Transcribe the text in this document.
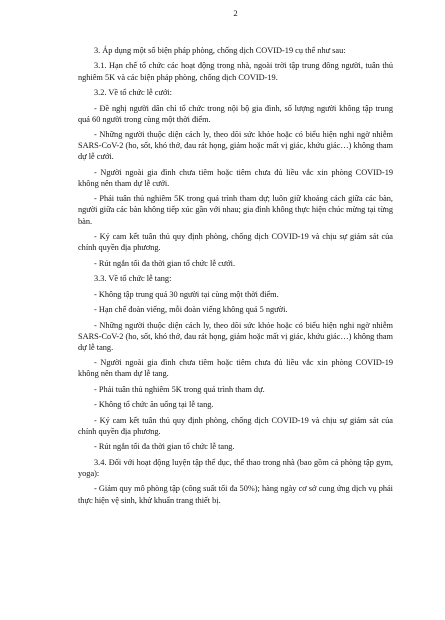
2

3. Áp dụng một số biện pháp phòng, chống dịch COVID-19 cụ thể như sau:

3.1. Hạn chế tổ chức các hoạt động trong nhà, ngoài trời tập trung đông người, tuân thủ nghiêm 5K và các biện pháp phòng, chống dịch COVID-19.

3.2. Về tổ chức lễ cưới:

- Đề nghị người dân chỉ tổ chức trong nội bộ gia đình, số lượng người không tập trung quá 60 người trong cùng một thời điểm.

- Những người thuộc diện cách ly, theo dõi sức khỏe hoặc có biểu hiện nghi ngờ nhiễm SARS-CoV-2 (ho, sốt, khó thở, đau rát họng, giảm hoặc mất vị giác, khứu giác…) không tham dự lễ cưới.

- Người ngoài gia đình chưa tiêm hoặc tiêm chưa đủ liều vắc xin phòng COVID-19 không nên tham dự lễ cưới.

- Phải tuân thủ nghiêm 5K trong quá trình tham dự; luôn giữ khoảng cách giữa các bàn, người giữa các bàn không tiếp xúc gần với nhau; gia đình không thực hiện chúc mừng tại từng bàn.

- Ký cam kết tuân thủ quy định phòng, chống dịch COVID-19 và chịu sự giám sát của chính quyền địa phương.

- Rút ngắn tối đa thời gian tổ chức lễ cưới.

3.3. Về tổ chức lễ tang:

- Không tập trung quá 30 người tại cùng một thời điểm.

- Hạn chế đoàn viếng, mỗi đoàn viếng không quá 5 người.

- Những người thuộc diện cách ly, theo dõi sức khỏe hoặc có biểu hiện nghi ngờ nhiễm SARS-CoV-2 (ho, sốt, khó thở, đau rát họng, giảm hoặc mất vị giác, khứu giác…) không tham dự lễ tang.

- Người ngoài gia đình chưa tiêm hoặc tiêm chưa đủ liều vắc xin phòng COVID-19 không nên tham dự lễ tang.

- Phải tuân thủ nghiêm 5K trong quá trình tham dự.

- Không tổ chức ăn uống tại lễ tang.

- Ký cam kết tuân thủ quy định phòng, chống dịch COVID-19 và chịu sự giám sát của chính quyền địa phương.

- Rút ngắn tối đa thời gian tổ chức lễ tang.

3.4. Đối với hoạt động luyện tập thể dục, thể thao trong nhà (bao gồm cả phòng tập gym, yoga):

- Giảm quy mô phòng tập (công suất tối đa 50%); hàng ngày cơ sở cung ứng dịch vụ phải thực hiện vệ sinh, khử khuẩn trang thiết bị.
